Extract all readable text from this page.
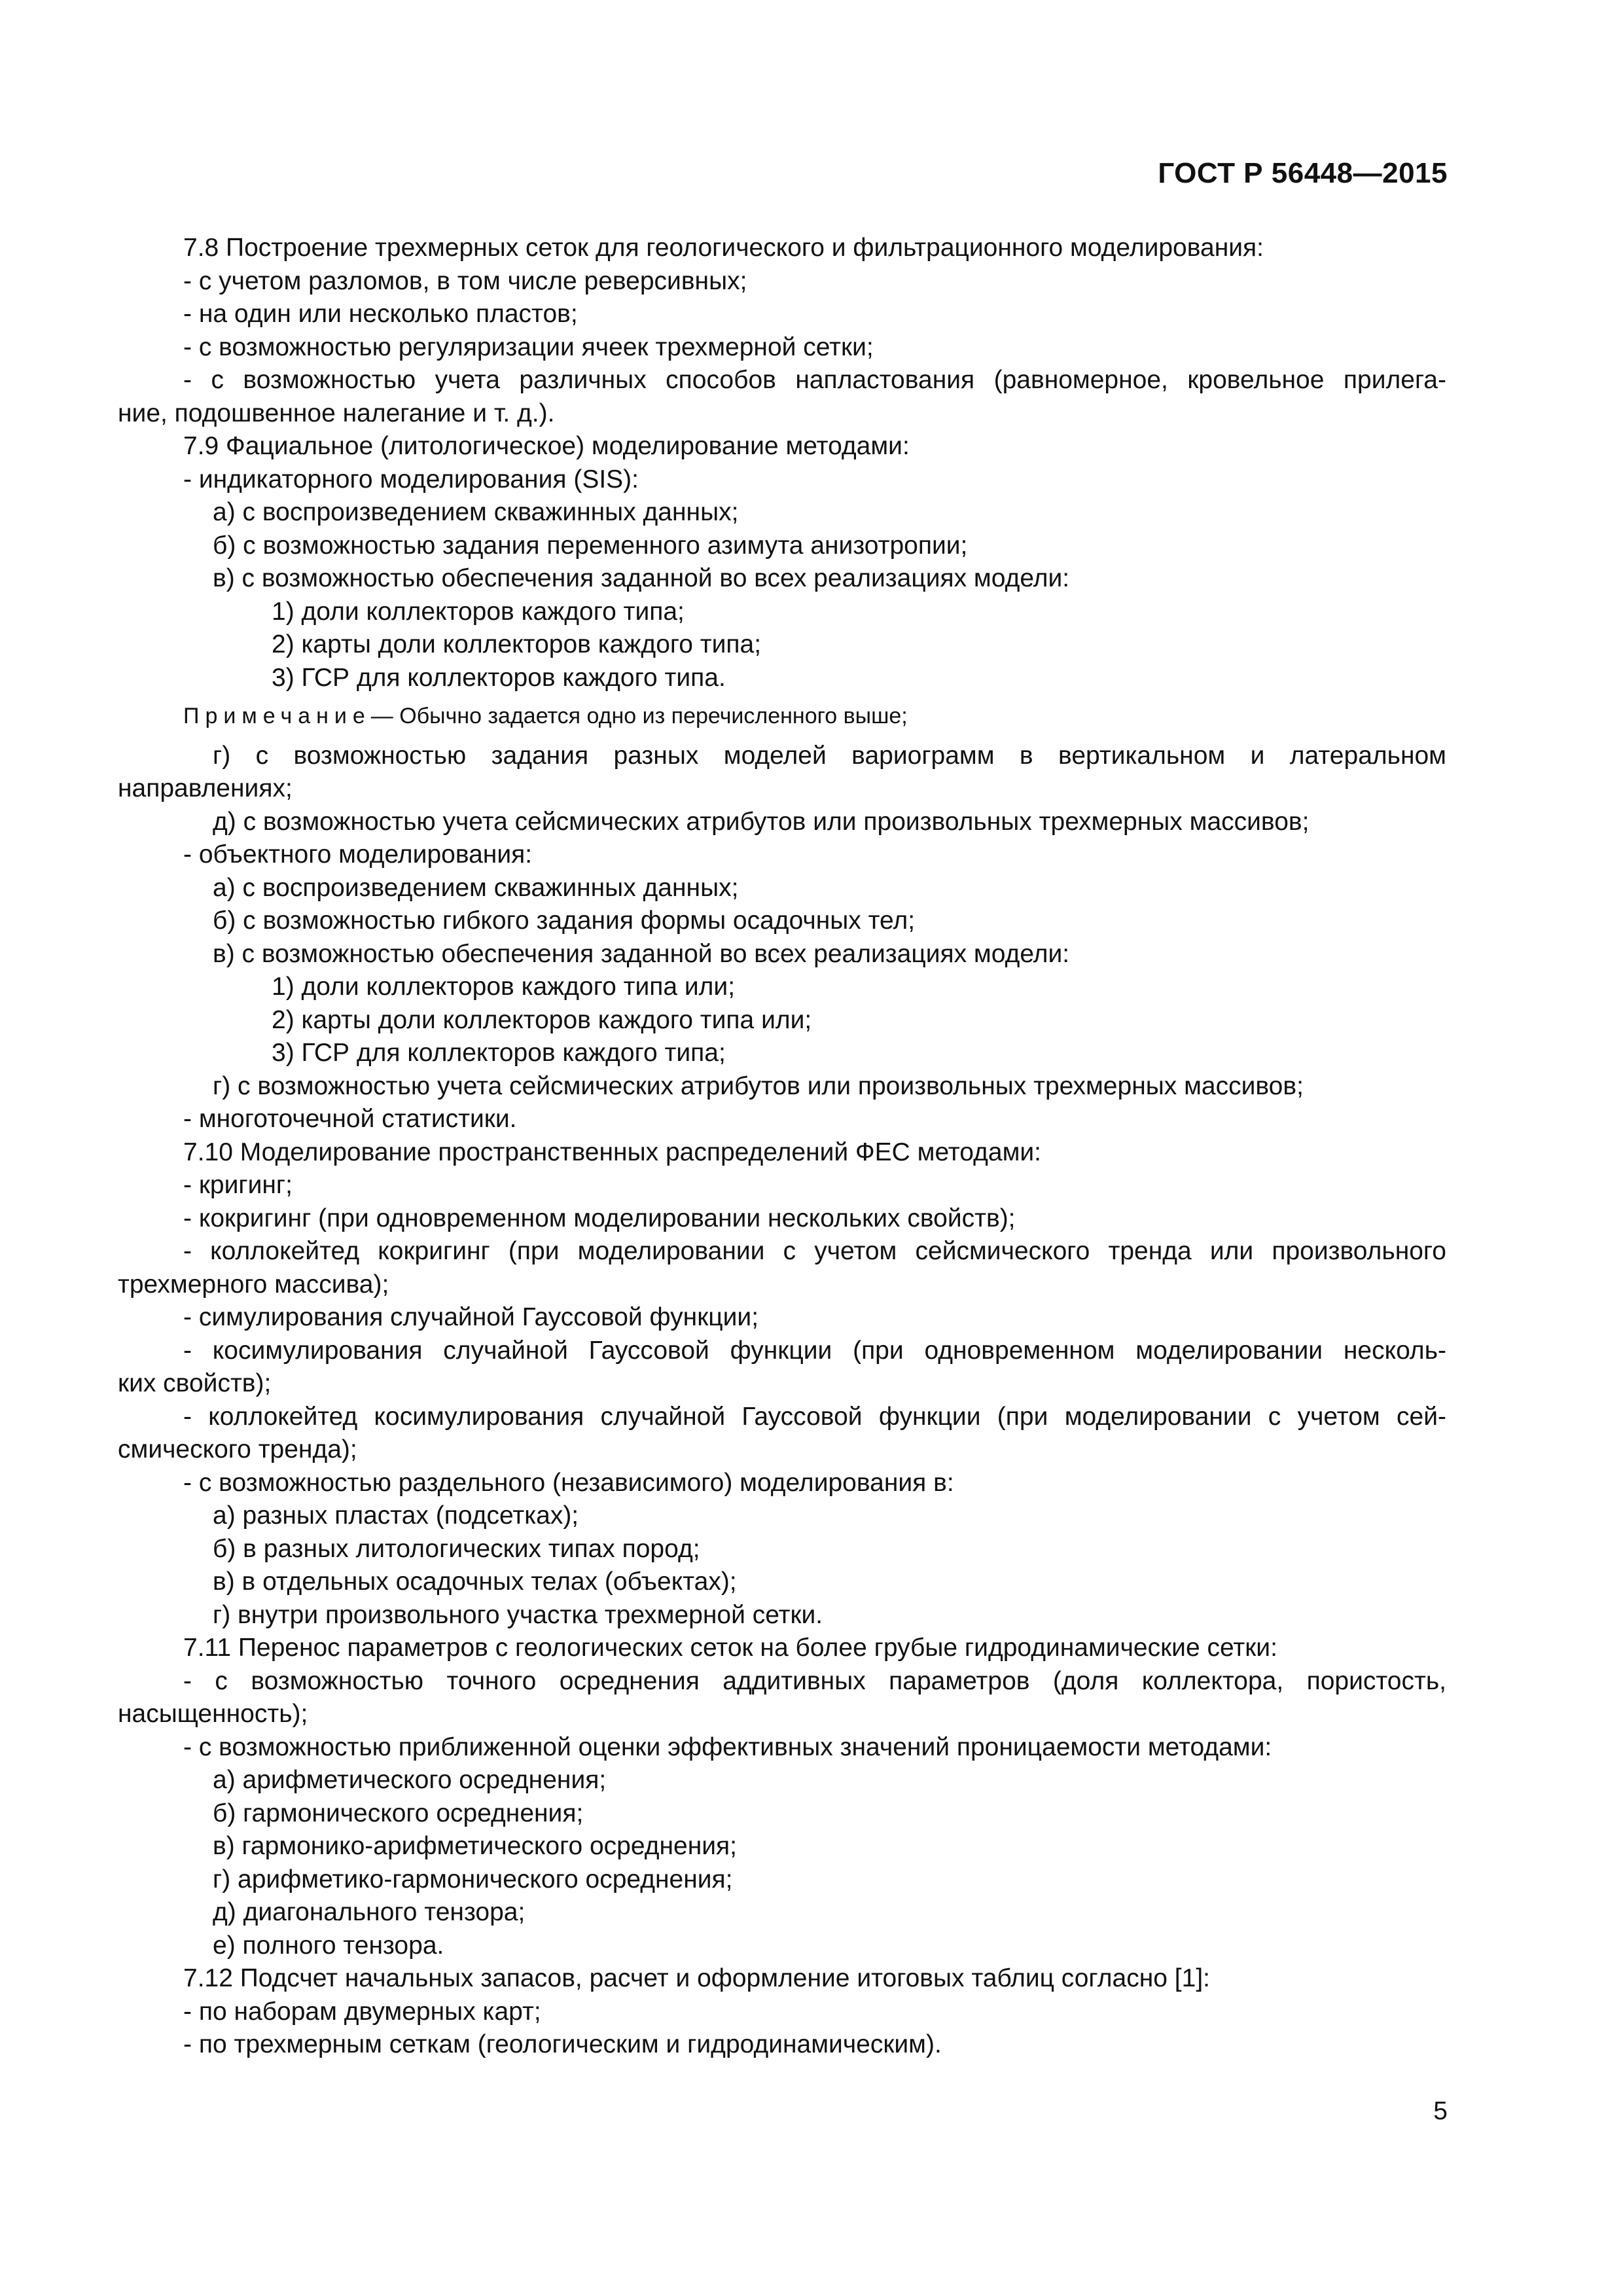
ГОСТ Р 56448—2015
7.8 Построение трехмерных сеток для геологического и фильтрационного моделирования:
- с учетом разломов, в том числе реверсивных;
- на один или несколько пластов;
- с возможностью регуляризации ячеек трехмерной сетки;
- с возможностью учета различных способов напластования (равномерное, кровельное прилега-
ние, подошвенное налегание и т. д.).
7.9 Фациальное (литологическое) моделирование методами:
- индикаторного моделирования (SIS):
а) с воспроизведением скважинных данных;
б) с возможностью задания переменного азимута анизотропии;
в) с возможностью обеспечения заданной во всех реализациях модели:
1) доли коллекторов каждого типа;
2) карты доли коллекторов каждого типа;
3) ГСР для коллекторов каждого типа.
Примечание— Обычно задается одно из перечисленного выше;
г) с возможностью задания разных моделей вариограмм в вертикальном и латеральном
направлениях;
д) с возможностью учета сейсмических атрибутов или произвольных трехмерных массивов;
- объектного моделирования:
а) с воспроизведением скважинных данных;
б) с возможностью гибкого задания формы осадочных тел;
в) с возможностью обеспечения заданной во всех реализациях модели:
1) доли коллекторов каждого типа или;
2) карты доли коллекторов каждого типа или;
3) ГСР для коллекторов каждого типа;
г) с возможностью учета сейсмических атрибутов или произвольных трехмерных массивов;
- многоточечной статистики.
7.10 Моделирование пространственных распределений ФЕС методами:
- кригинг;
- кокригинг (при одновременном моделировании нескольких свойств);
- коллокейтед кокригинг (при моделировании с учетом сейсмического тренда или произвольного
трехмерного массива);
- симулирования случайной Гауссовой функции;
- косимулирования случайной Гауссовой функции (при одновременном моделировании несколь-
ких свойств);
- коллокейтед косимулирования случайной Гауссовой функции (при моделировании с учетом сей-
смического тренда);
- с возможностью раздельного (независимого) моделирования в:
а) разных пластах (подсетках);
б) в разных литологических типах пород;
в) в отдельных осадочных телах (объектах);
г) внутри произвольного участка трехмерной сетки.
7.11 Перенос параметров с геологических сеток на более грубые гидродинамические сетки:
- с возможностью точного осреднения аддитивных параметров (доля коллектора, пористость,
насыщенность);
- с возможностью приближенной оценки эффективных значений проницаемости методами:
а) арифметического осреднения;
б) гармонического осреднения;
в) гармонико-арифметического осреднения;
г) арифметико-гармонического осреднения;
д) диагонального тензора;
е) полного тензора.
7.12 Подсчет начальных запасов, расчет и оформление итоговых таблиц согласно [1]:
- по наборам двумерных карт;
- по трехмерным сеткам (геологическим и гидродинамическим).
5
